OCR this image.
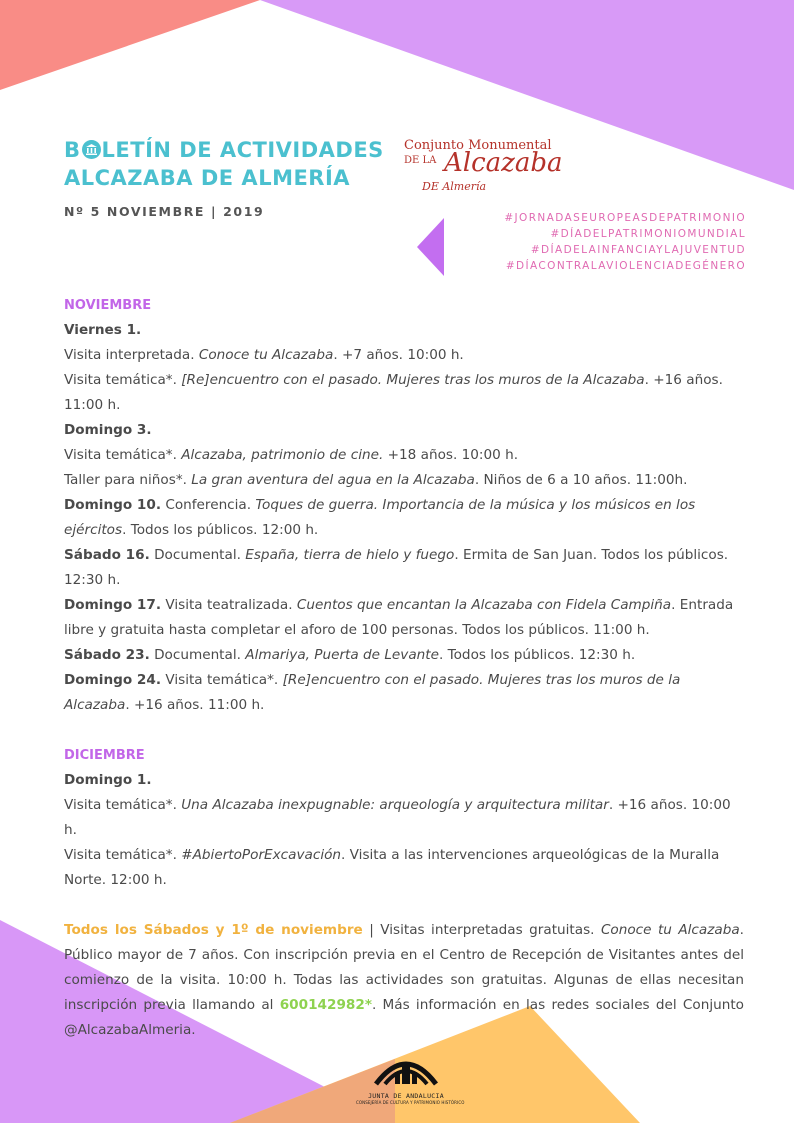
B LETÍN DE ACTIVIDADES
ALCAZABA DE ALMERÍA
Nº 5 NOVIEMBRE | 2019
Conjunto Monumental
DE LA Alcazaba
DE Almería
#JORNADASEUROPEASDEPATRIMONIO
#DÍADELPATRIMONIOMUNDIAL
#DÍADELAINFANCIAYLAJUVENTUD
#DÍACONTRALAVIOLENCIADEGÉNERO
NOVIEMBRE
Viernes 1.
Visita interpretada. Conoce tu Alcazaba. +7 años. 10:00 h.
Visita temática*. [Re]encuentro con el pasado. Mujeres tras los muros de la Alcazaba. +16 años. 11:00 h.
Domingo 3.
Visita temática*. Alcazaba, patrimonio de cine. +18 años. 10:00 h.
Taller para niños*. La gran aventura del agua en la Alcazaba. Niños de 6 a 10 años. 11:00h.
Domingo 10. Conferencia. Toques de guerra. Importancia de la música y los músicos en los ejércitos. Todos los públicos. 12:00 h.
Sábado 16. Documental. España, tierra de hielo y fuego. Ermita de San Juan. Todos los públicos. 12:30 h.
Domingo 17. Visita teatralizada. Cuentos que encantan la Alcazaba con Fidela Campiña. Entrada libre y gratuita hasta completar el aforo de 100 personas. Todos los públicos. 11:00 h.
Sábado 23. Documental. Almariya, Puerta de Levante. Todos los públicos. 12:30 h.
Domingo 24. Visita temática*. [Re]encuentro con el pasado. Mujeres tras los muros de la Alcazaba. +16 años. 11:00 h.
DICIEMBRE
Domingo 1.
Visita temática*. Una Alcazaba inexpugnable: arqueología y arquitectura militar. +16 años. 10:00 h.
Visita temática*. #AbiertoPorExcavación. Visita a las intervenciones arqueológicas de la Muralla Norte. 12:00 h.
Todos los Sábados y 1º de noviembre | Visitas interpretadas gratuitas. Conoce tu Alcazaba. Público mayor de 7 años. Con inscripción previa en el Centro de Recepción de Visitantes antes del comienzo de la visita. 10:00 h. Todas las actividades son gratuitas. Algunas de ellas necesitan inscripción previa llamando al 600142982*. Más información en las redes sociales del Conjunto @AlcazabaAlmeria.
JUNTA DE ANDALUCIA
CONSEJERÍA DE CULTURA Y PATRIMONIO HISTÓRICO
